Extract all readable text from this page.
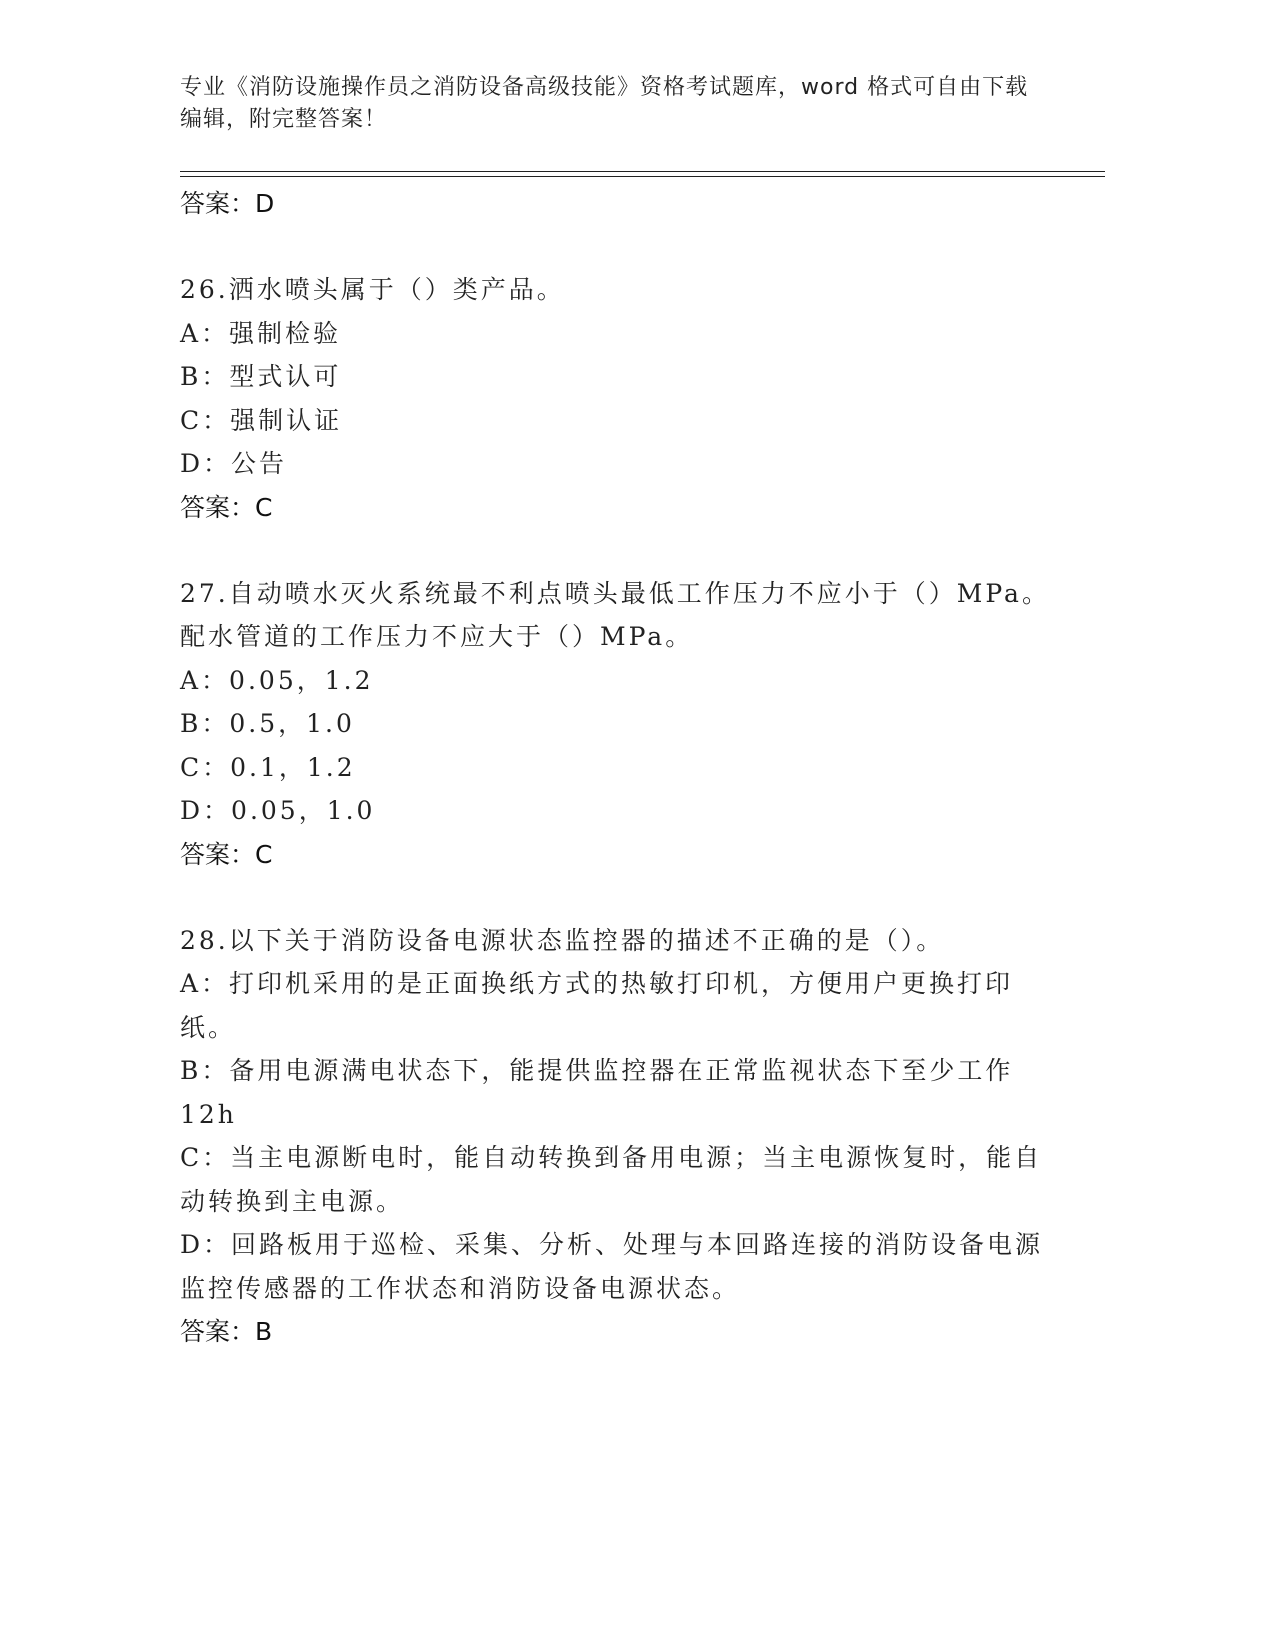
专业《消防设施操作员之消防设备高级技能》资格考试题库，word 格式可自由下载编辑，附完整答案！
答案：D
26.洒水喷头属于（）类产品。
A：强制检验
B：型式认可
C：强制认证
D：公告
答案：C
27.自动喷水灭火系统最不利点喷头最低工作压力不应小于（）MPa。配水管道的工作压力不应大于（）MPa。
A：0.05，1.2
B：0.5，1.0
C：0.1，1.2
D：0.05，1.0
答案：C
28.以下关于消防设备电源状态监控器的描述不正确的是（）。
A：打印机采用的是正面换纸方式的热敏打印机，方便用户更换打印纸。
B：备用电源满电状态下，能提供监控器在正常监视状态下至少工作12h
C：当主电源断电时，能自动转换到备用电源；当主电源恢复时，能自动转换到主电源。
D：回路板用于巡检、采集、分析、处理与本回路连接的消防设备电源监控传感器的工作状态和消防设备电源状态。
答案：B
